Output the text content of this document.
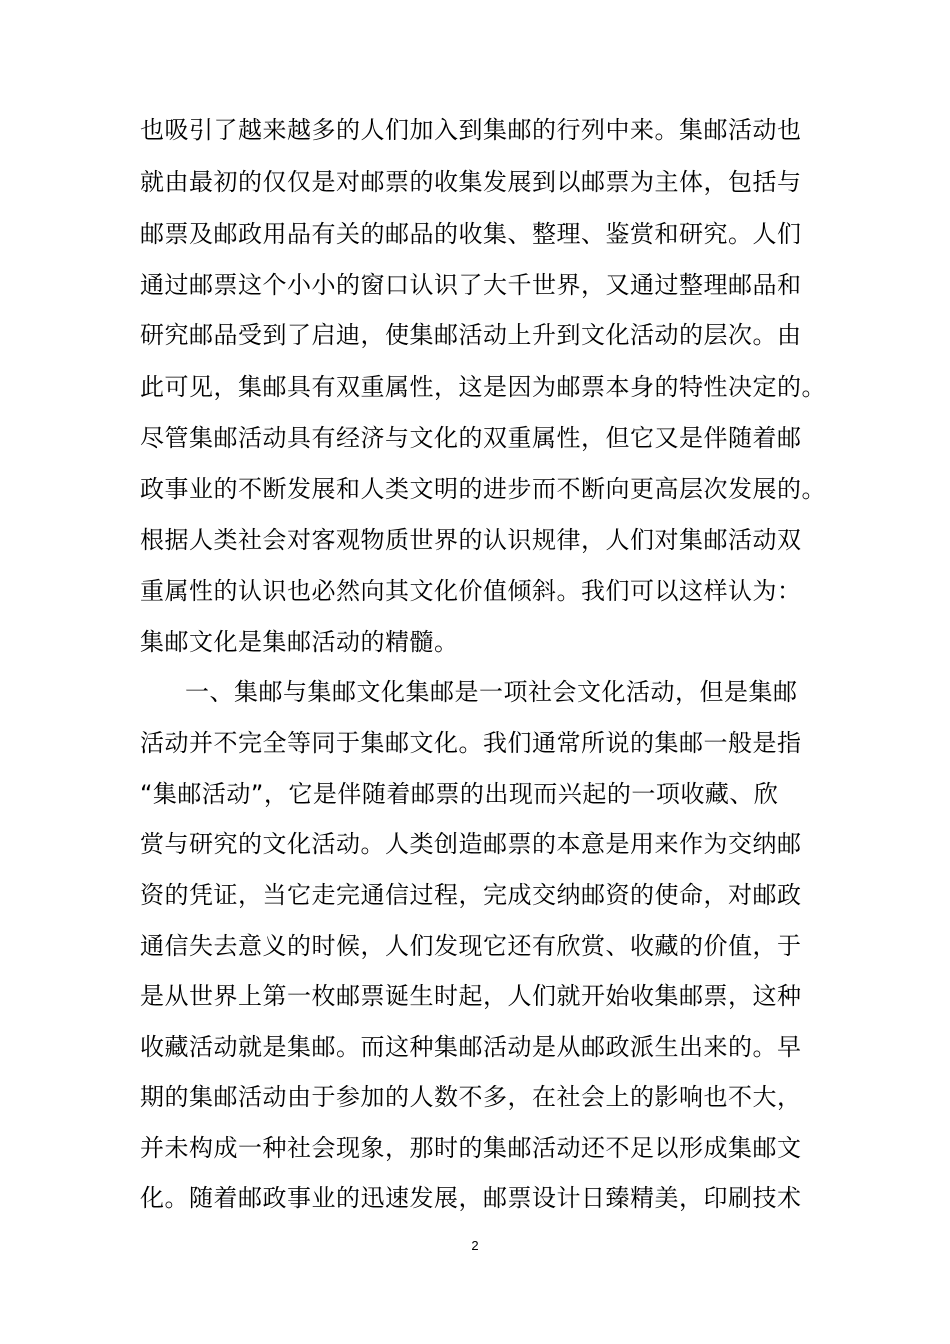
也吸引了越来越多的人们加入到集邮的行列中来。集邮活动也
就由最初的仅仅是对邮票的收集发展到以邮票为主体，包括与
邮票及邮政用品有关的邮品的收集、整理、鉴赏和研究。人们
通过邮票这个小小的窗口认识了大千世界，又通过整理邮品和
研究邮品受到了启迪，使集邮活动上升到文化活动的层次。由
此可见，集邮具有双重属性，这是因为邮票本身的特性决定的。
尽管集邮活动具有经济与文化的双重属性，但它又是伴随着邮
政事业的不断发展和人类文明的进步而不断向更高层次发展的。
根据人类社会对客观物质世界的认识规律，人们对集邮活动双
重属性的认识也必然向其文化价值倾斜。我们可以这样认为：
集邮文化是集邮活动的精髓。
一、集邮与集邮文化集邮是一项社会文化活动，但是集邮
活动并不完全等同于集邮文化。我们通常所说的集邮一般是指
“集邮活动”，它是伴随着邮票的出现而兴起的一项收藏、欣
赏与研究的文化活动。人类创造邮票的本意是用来作为交纳邮
资的凭证，当它走完通信过程，完成交纳邮资的使命，对邮政
通信失去意义的时候，人们发现它还有欣赏、收藏的价值，于
是从世界上第一枚邮票诞生时起，人们就开始收集邮票，这种
收藏活动就是集邮。而这种集邮活动是从邮政派生出来的。早
期的集邮活动由于参加的人数不多，在社会上的影响也不大，
并未构成一种社会现象，那时的集邮活动还不足以形成集邮文
化。随着邮政事业的迅速发展，邮票设计日臻精美，印刷技术
2
